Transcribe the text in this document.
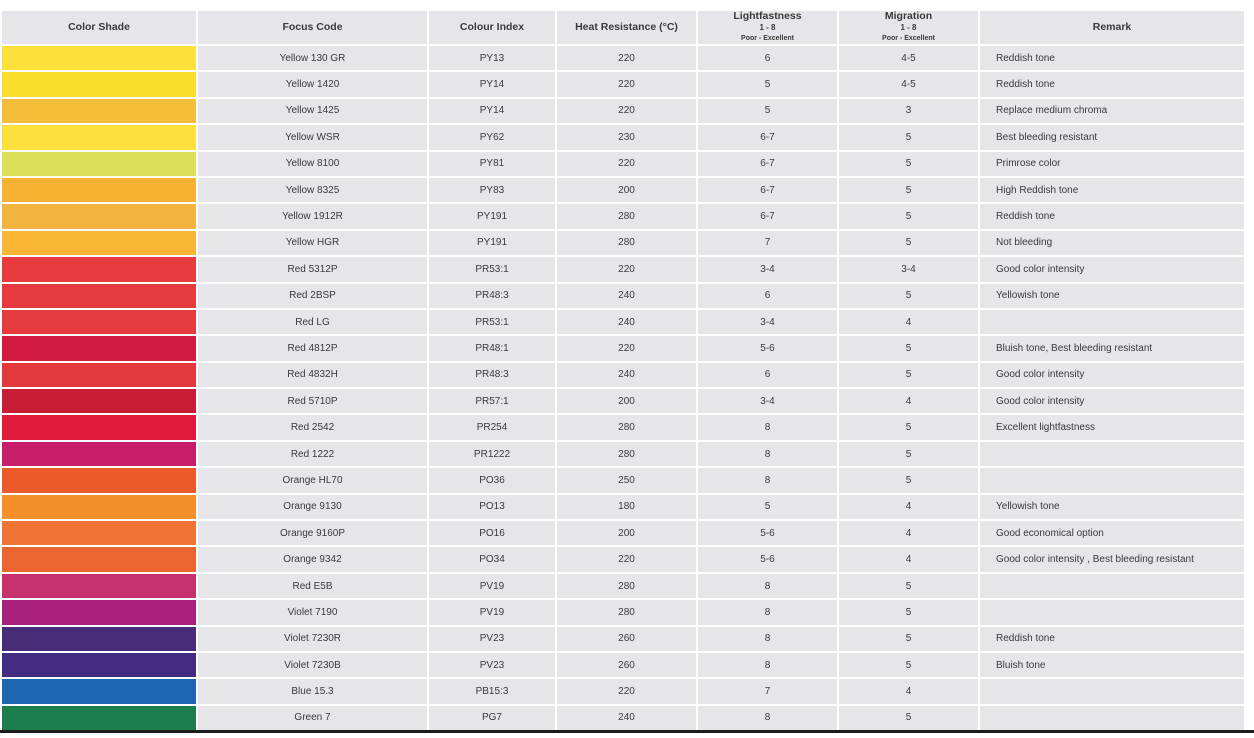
Color Shade	Focus Code	Colour Index	Heat Resistance (°C)	Lightfastness
1 - 8
Poor - Excellent	Migration
1 - 8
Poor - Excellent	Remark
	Yellow 130 GR	PY13	220	6	4-5	Reddish tone
	Yellow 1420	PY14	220	5	4-5	Reddish tone
	Yellow 1425	PY14	220	5	3	Replace medium chroma
	Yellow WSR	PY62	230	6-7	5	Best bleeding resistant
	Yellow 8100	PY81	220	6-7	5	Primrose color
	Yellow 8325	PY83	200	6-7	5	High Reddish tone
	Yellow 1912R	PY191	280	6-7	5	Reddish tone
	Yellow HGR	PY191	280	7	5	Not bleeding
	Red 5312P	PR53:1	220	3-4	3-4	Good color intensity
	Red 2BSP	PR48:3	240	6	5	Yellowish tone
	Red LG	PR53:1	240	3-4	4	
	Red 4812P	PR48:1	220	5-6	5	Bluish tone, Best bleeding resistant
	Red 4832H	PR48:3	240	6	5	Good color intensity
	Red 5710P	PR57:1	200	3-4	4	Good color intensity
	Red 2542	PR254	280	8	5	Excellent lightfastness
	Red 1222	PR1222	280	8	5	
	Orange HL70	PO36	250	8	5	
	Orange 9130	PO13	180	5	4	Yellowish tone
	Orange 9160P	PO16	200	5-6	4	Good economical option
	Orange 9342	PO34	220	5-6	4	Good color intensity , Best bleeding resistant
	Red E5B	PV19	280	8	5	
	Violet 7190	PV19	280	8	5	
	Violet 7230R	PV23	260	8	5	Reddish tone
	Violet 7230B	PV23	260	8	5	Bluish tone
	Blue 15.3	PB15:3	220	7	4	
	Green 7	PG7	240	8	5	
